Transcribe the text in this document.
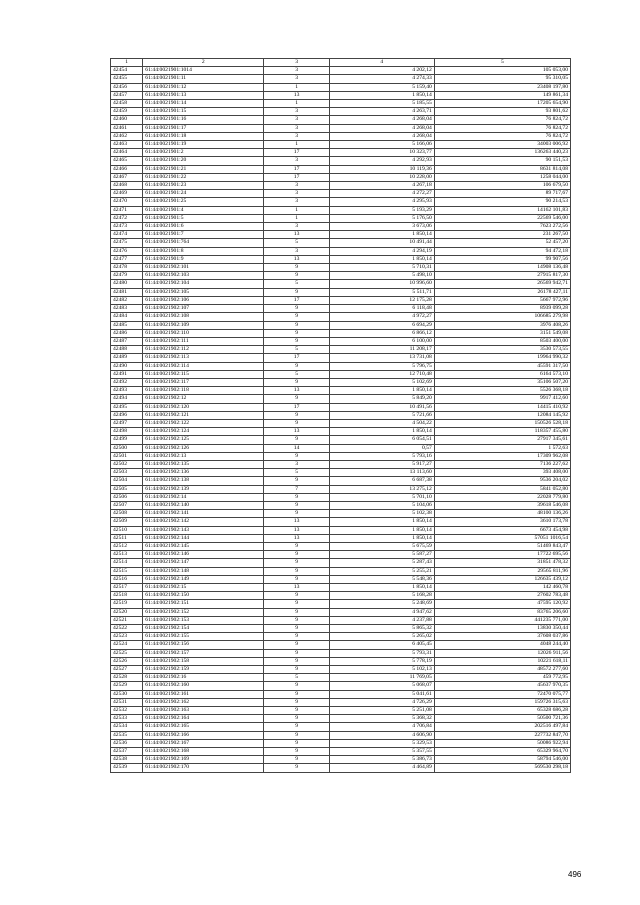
1	2	3	4	5
42454	61:44:0021901:1014	3	4 202,12	105 053,00
42455	61:44:0021901:11	3	4 274,33	95 310,05
42456	61:44:0021901:12	1	5 159,40	23408 197,80
42457	61:44:0021901:13	13	1 850,14	149 861,34
42458	61:44:0021901:14	1	5 185,55	17205 654,90
42459	61:44:0021901:15	3	4 263,71	93 801,62
42460	61:44:0021901:16	3	4 268,04	76 824,72
42461	61:44:0021901:17	3	4 268,04	76 824,72
42462	61:44:0021901:18	3	4 268,04	76 824,72
42463	61:44:0021901:19	1	5 166,06	34003 006,92
42464	61:44:0021901:2	17	10 323,77	136263 440,23
42465	61:44:0021901:20	3	4 292,93	90 151,53
42466	61:44:0021901:21	17	10 119,36	8631 814,08
42467	61:44:0021901:22	17	10 228,00	1258 044,00
42468	61:44:0021901:23	3	4 267,18	106 679,50
42469	61:44:0021901:24	3	4 272,27	89 717,67
42470	61:44:0021901:25	3	4 295,93	90 214,53
42471	61:44:0021901:4	1	5 193,29	14162 101,83
42472	61:44:0021901:5	1	5 176,50	22569 546,00
42473	61:44:0021901:6	3	3 673,06	7623 272,56
42474	61:44:0021901:7	13	1 850,14	231 267,50
42475	61:44:0021901:764	5	10 491,44	52 457,20
42476	61:44:0021901:8	3	4 294,19	94 472,18
42477	61:44:0021901:9	13	1 850,14	99 907,56
42478	61:44:0021902:101	9	5 710,31	14908 136,48
42479	61:44:0021902:103	9	5 498,10	27915 817,30
42480	61:44:0021902:104	5	10 996,60	26569 942,71
42481	61:44:0021902:105	9	5 511,71	26178 427,11
42482	61:44:0021902:106	17	12 175,28	5667 972,96
42483	61:44:0021902:107	9	6 118,48	8939 099,28
42484	61:44:0021902:108	9	4 972,27	106685 279,98
42485	61:44:0021902:109	9	6 694,29	3976 408,26
42486	61:44:0021902:110	9	6 866,12	3151 549,08
42487	61:44:0021902:111	9	6 100,00	8503 400,00
42488	61:44:0021902:112	5	11 208,17	3530 573,55
42489	61:44:0021902:113	17	13 731,08	19964 990,32
42490	61:44:0021902:114	9	5 796,75	45591 317,50
42491	61:44:0021902:115	5	12 710,48	6164 573,10
42492	61:44:0021902:117	9	5 102,69	35106 507,20
42493	61:44:0021902:118	13	1 850,14	5526 368,18
42494	61:44:0021902:12	9	5 849,20	9917 412,60
42495	61:44:0021902:120	17	10 491,56	14415 410,92
42496	61:44:0021902:121	9	5 721,66	12084 145,92
42497	61:44:0021902:122	9	4 504,22	150526 528,18
42498	61:44:0021902:124	13	1 850,14	118357 455,80
42499	61:44:0021902:125	9	6 054,51	27917 345,61
42500	61:44:0021902:126	14	0,57	1 572,63
42501	61:44:0021902:13	9	5 793,16	17309 962,08
42502	61:44:0021902:135	3	5 917,27	7136 227,62
42503	61:44:0021902:136	5	13 113,60	393 408,00
42504	61:44:0021902:138	9	6 687,38	9536 204,02
42505	61:44:0021902:139	7	13 275,12	5841 052,80
42506	61:44:0021902:14	9	5 701,10	22028 779,80
42507	61:44:0021902:140	9	5 104,06	39618 546,08
42508	61:44:0021902:141	9	5 102,38	48100 136,26
42509	61:44:0021902:142	13	1 850,14	3610 173,78
42510	61:44:0021902:143	13	1 850,14	6673 454,98
42511	61:44:0021902:144	13	1 850,14	57051 1016,54
42512	61:44:0021902:145	9	5 675,59	51469 843,47
42513	61:44:0021902:146	9	5 587,27	17722 695,56
42514	61:44:0021902:147	9	5 287,43	31851 478,32
42515	61:44:0021902:148	9	5 255,21	29565 811,96
42516	61:44:0021902:149	9	5 548,36	126635 439,12
42517	61:44:0021902:15	13	1 850,14	142 460,78
42518	61:44:0021902:150	9	5 168,28	27602 783,48
42519	61:44:0021902:151	9	5 248,69	47595 120,92
42520	61:44:0021902:152	9	4 947,62	83765 206,60
42521	61:44:0021902:153	9	4 237,88	441235 771,00
42522	61:44:0021902:154	9	5 865,32	13830 350,44
42523	61:44:0021902:155	9	5 265,02	37608 037,86
42524	61:44:0021902:156	9	6 405,45	4048 244,40
42525	61:44:0021902:157	9	5 793,31	12026 911,56
42526	61:44:0021902:158	9	5 778,19	10221 618,11
42527	61:44:0021902:159	9	5 102,13	48572 277,60
42528	61:44:0021902:16	5	11 769,05	459 772,95
42529	61:44:0021902:160	9	5 068,07	45637 970,35
42530	61:44:0021902:161	9	5 041,61	72470 075,77
42531	61:44:0021902:162	9	4 726,29	159726 315,63
42532	61:44:0021902:163	9	5 251,08	65328 686,28
42533	61:44:0021902:164	9	5 368,32	50500 721,36
42534	61:44:0021902:165	9	4 706,84	202516 497,84
42535	61:44:0021902:166	9	4 606,90	227732 847,70
42536	61:44:0021902:167	9	5 329,53	50086 922,94
42537	61:44:0021902:168	9	5 357,55	65329 964,70
42538	61:44:0021902:169	9	5 386,73	58794 546,00
42539	61:44:0021902:170	9	4 464,89	569530 298,18
496
